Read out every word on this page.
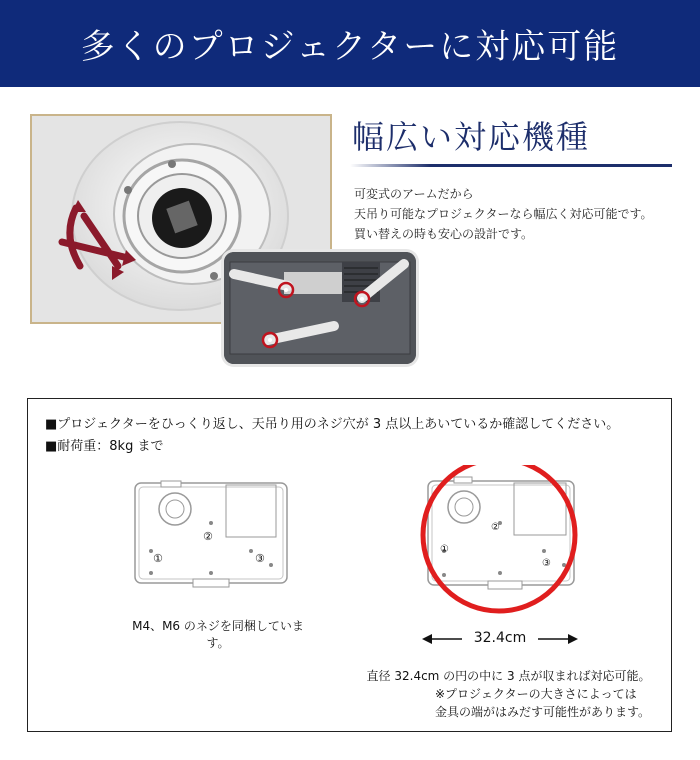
多くのプロジェクターに対応可能
幅広い対応機種

可変式のアームだから

天吊り可能なプロジェクターなら幅広く対応可能です。

買い替えの時も安心の設計です。

■プロジェクターをひっくり返し、天吊り用のネジ穴が 3 点以上あいているか確認してください。
■耐荷重：8kg まで
①
②
③
M4、M6 のネジを同梱しています。
①
②
③
32.4cm
直径 32.4cm の円の中に 3 点が収まれば対応可能。
※プロジェクターの大きさによっては
金具の端がはみだす可能性があります。
